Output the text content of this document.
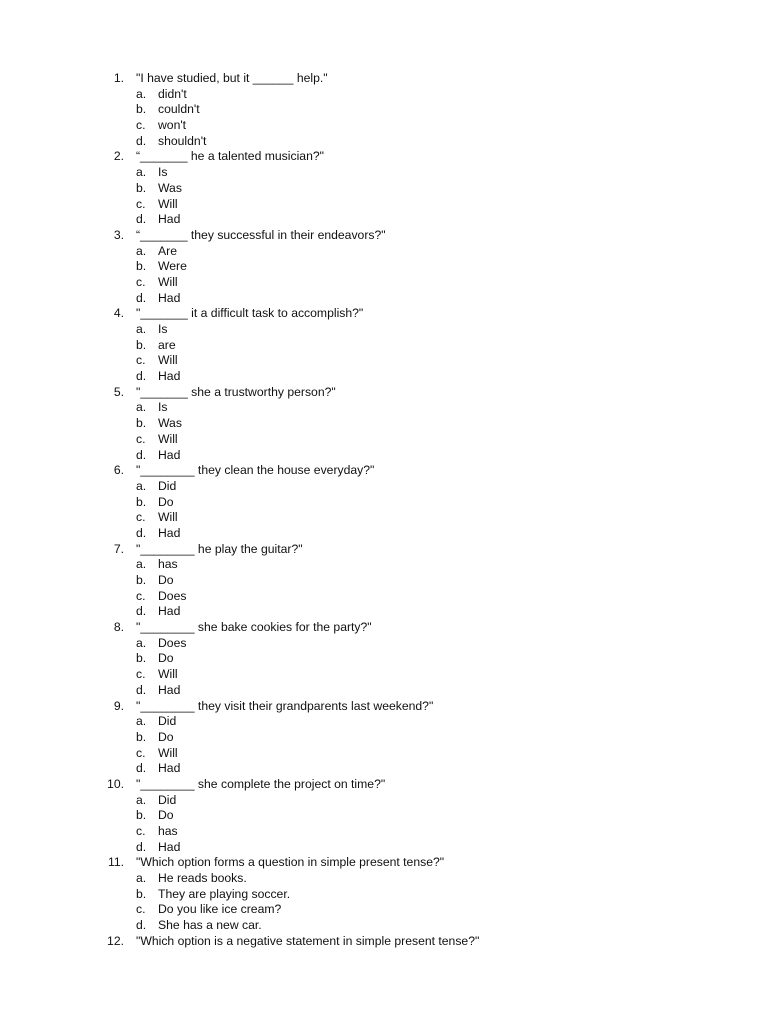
1. "I have studied, but it ______ help."
a. didn't
b. couldn't
c. won't
d. shouldn't
2. “_______ he a talented musician?"
a. Is
b. Was
c. Will
d. Had
3. “_______ they successful in their endeavors?"
a. Are
b. Were
c. Will
d. Had
4. "_______ it a difficult task to accomplish?"
a. Is
b. are
c. Will
d. Had
5. "_______ she a trustworthy person?"
a. Is
b. Was
c. Will
d. Had
6. "________ they clean the house everyday?"
a. Did
b. Do
c. Will
d. Had
7. "________ he play the guitar?"
a. has
b. Do
c. Does
d. Had
8. "________ she bake cookies for the party?"
a. Does
b. Do
c. Will
d. Had
9. "________ they visit their grandparents last weekend?"
a. Did
b. Do
c. Will
d. Had
10. "________ she complete the project on time?"
a. Did
b. Do
c. has
d. Had
11. "Which option forms a question in simple present tense?"
a. He reads books.
b. They are playing soccer.
c. Do you like ice cream?
d. She has a new car.
12. "Which option is a negative statement in simple present tense?"
